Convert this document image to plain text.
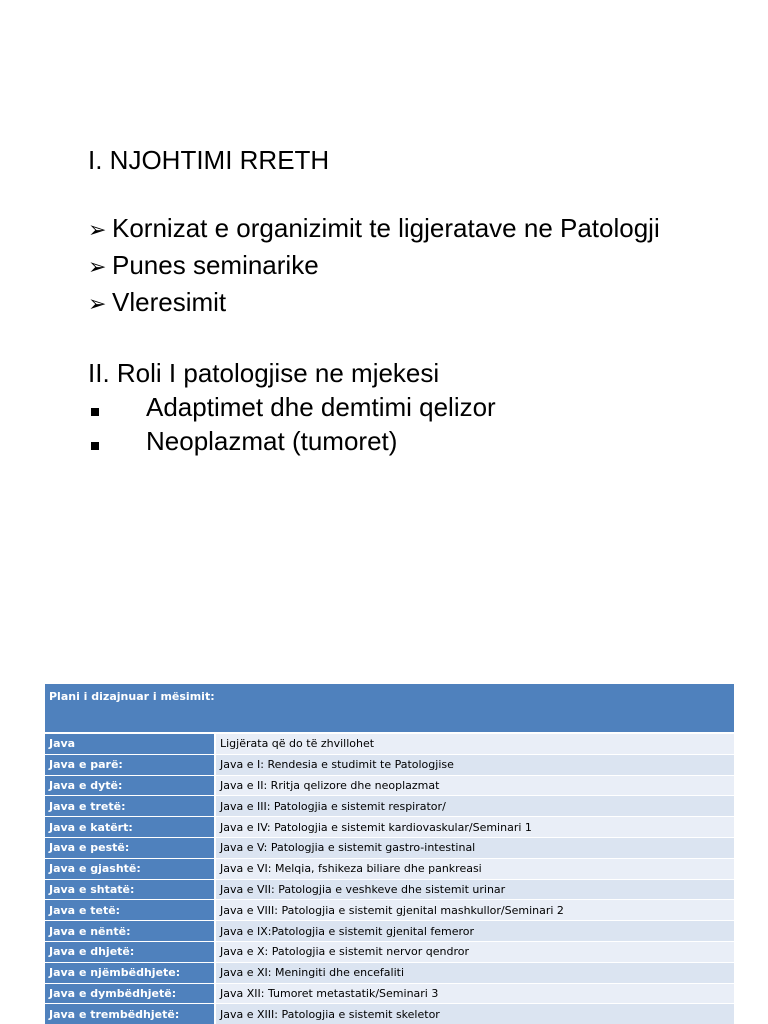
I. NJOHTIMI RRETH
➢ Kornizat e organizimit te ligjeratave ne Patologji
➢ Punes seminarike
➢ Vleresimit
II. Roli I patologjise ne mjekesi
Adaptimet dhe demtimi qelizor
Neoplazmat (tumoret)
Plani i dizajnuar i mësimit:	
Java	Ligjërata që do të zhvillohet
Java e parë:	Java e I: Rendesia e studimit te Patologjise
Java e dytë:	Java e II: Rritja qelizore dhe neoplazmat
Java e tretë:	Java e III: Patologjia e sistemit respirator/
Java e katërt:	Java e IV: Patologjia e sistemit kardiovaskular/Seminari 1
Java e pestë:	Java e V: Patologjia e sistemit gastro-intestinal
Java e gjashtë:	Java e VI: Melqia, fshikeza biliare dhe pankreasi
Java e shtatë:	Java e VII: Patologjia e veshkeve dhe sistemit urinar
Java e tetë:	Java e VIII: Patologjia e sistemit gjenital mashkullor/Seminari 2
Java e nëntë:	Java e IX:Patologjia e sistemit gjenital femeror
Java e dhjetë:	Java e X: Patologjia e sistemit nervor qendror
Java e njëmbëdhjete:	Java e XI: Meningiti dhe encefaliti
Java e dymbëdhjetë:	Java XII: Tumoret metastatik/Seminari 3
Java e trembëdhjetë:	Java e XIII: Patologjia e sistemit skeletor
